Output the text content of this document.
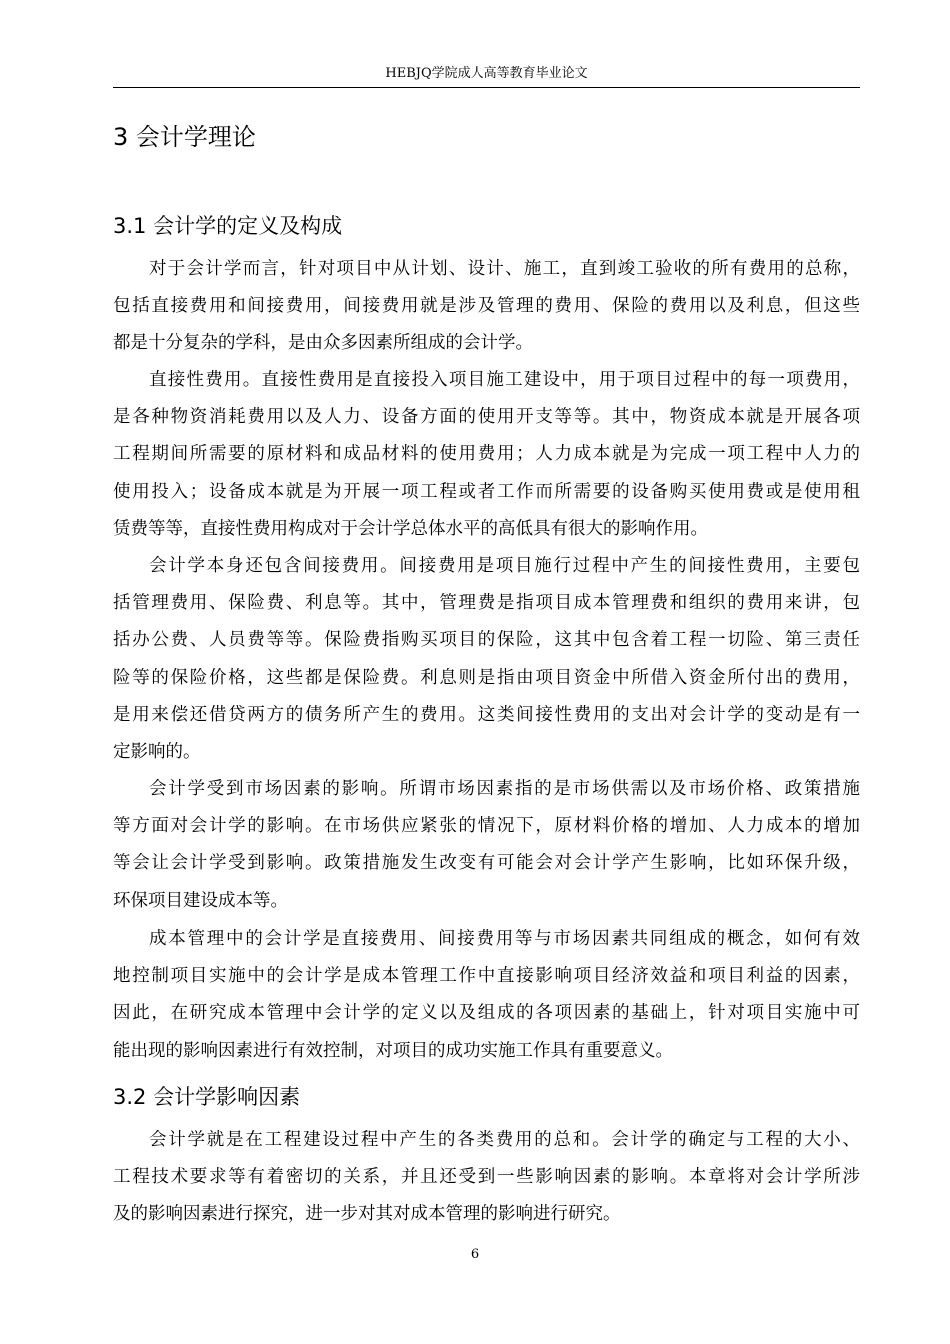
HEBJQ学院成人高等教育毕业论文
3 会计学理论
3.1 会计学的定义及构成
对于会计学而言，针对项目中从计划、设计、施工，直到竣工验收的所有费用的总称，
包括直接费用和间接费用，间接费用就是涉及管理的费用、保险的费用以及利息，但这些
都是十分复杂的学科，是由众多因素所组成的会计学。
直接性费用。直接性费用是直接投入项目施工建设中，用于项目过程中的每一项费用，
是各种物资消耗费用以及人力、设备方面的使用开支等等。其中，物资成本就是开展各项
工程期间所需要的原材料和成品材料的使用费用；人力成本就是为完成一项工程中人力的
使用投入；设备成本就是为开展一项工程或者工作而所需要的设备购买使用费或是使用租
赁费等等，直接性费用构成对于会计学总体水平的高低具有很大的影响作用。
会计学本身还包含间接费用。间接费用是项目施行过程中产生的间接性费用，主要包
括管理费用、保险费、利息等。其中，管理费是指项目成本管理费和组织的费用来讲，包
括办公费、人员费等等。保险费指购买项目的保险，这其中包含着工程一切险、第三责任
险等的保险价格，这些都是保险费。利息则是指由项目资金中所借入资金所付出的费用，
是用来偿还借贷两方的债务所产生的费用。这类间接性费用的支出对会计学的变动是有一
定影响的。
会计学受到市场因素的影响。所谓市场因素指的是市场供需以及市场价格、政策措施
等方面对会计学的影响。在市场供应紧张的情况下，原材料价格的增加、人力成本的增加
等会让会计学受到影响。政策措施发生改变有可能会对会计学产生影响，比如环保升级，
环保项目建设成本等。
成本管理中的会计学是直接费用、间接费用等与市场因素共同组成的概念，如何有效
地控制项目实施中的会计学是成本管理工作中直接影响项目经济效益和项目利益的因素，
因此，在研究成本管理中会计学的定义以及组成的各项因素的基础上，针对项目实施中可
能出现的影响因素进行有效控制，对项目的成功实施工作具有重要意义。
3.2 会计学影响因素
会计学就是在工程建设过程中产生的各类费用的总和。会计学的确定与工程的大小、
工程技术要求等有着密切的关系，并且还受到一些影响因素的影响。本章将对会计学所涉
及的影响因素进行探究，进一步对其对成本管理的影响进行研究。
6
